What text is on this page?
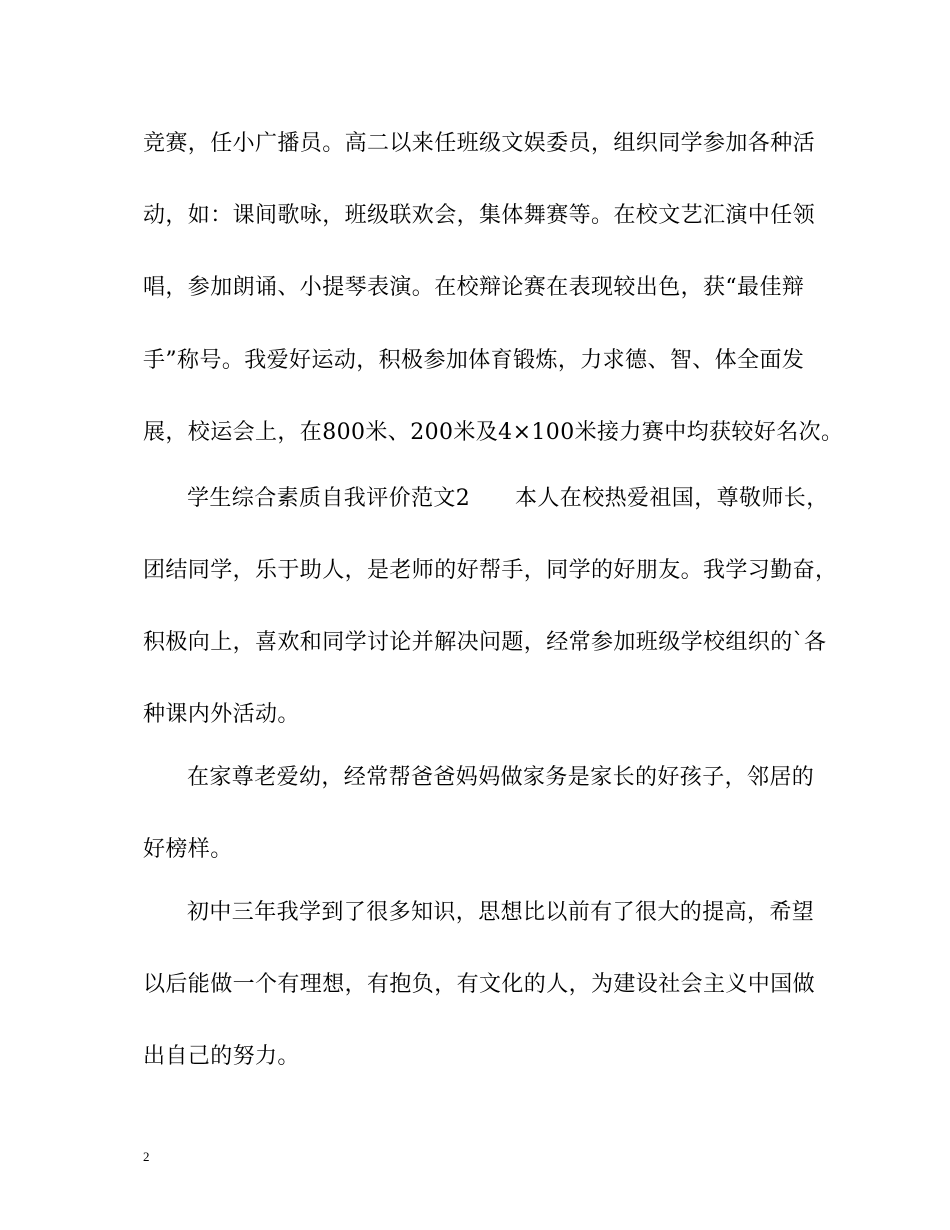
竞赛，任小广播员。高二以来任班级文娱委员，组织同学参加各种活
动，如：课间歌咏，班级联欢会，集体舞赛等。在校文艺汇演中任领
唱，参加朗诵、小提琴表演。在校辩论赛在表现较出色，获“最佳辩
手”称号。我爱好运动，积极参加体育锻炼，力求德、智、体全面发
展，校运会上，在800米、200米及4×100米接力赛中均获较好名次。
学生综合素质自我评价范文2　　本人在校热爱祖国，尊敬师长，
团结同学，乐于助人，是老师的好帮手，同学的好朋友。我学习勤奋，
积极向上，喜欢和同学讨论并解决问题，经常参加班级学校组织的`各
种课内外活动。
在家尊老爱幼，经常帮爸爸妈妈做家务是家长的好孩子，邻居的
好榜样。
初中三年我学到了很多知识，思想比以前有了很大的提高，希望
以后能做一个有理想，有抱负，有文化的人，为建设社会主义中国做
出自己的努力。
2
